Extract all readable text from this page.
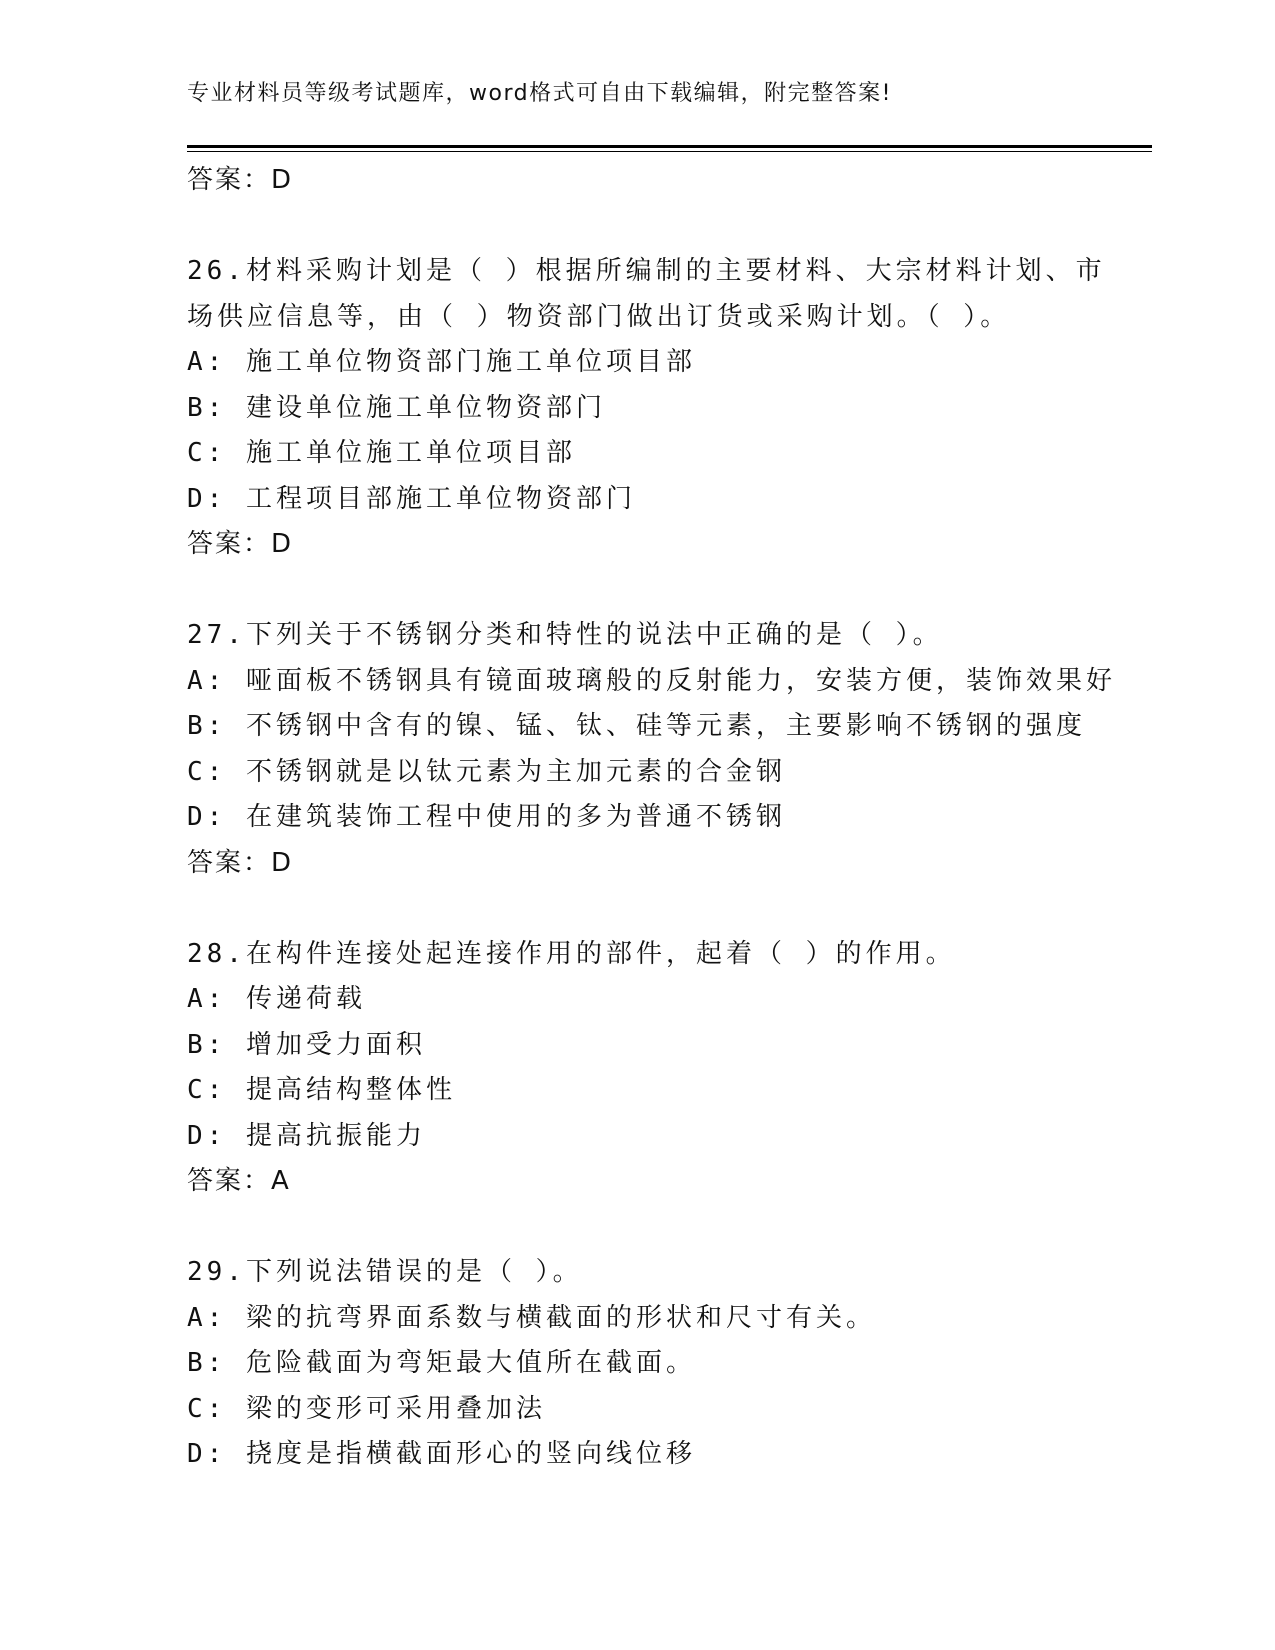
专业材料员等级考试题库，word格式可自由下载编辑，附完整答案!
答案：D
26.材料采购计划是（ ）根据所编制的主要材料、大宗材料计划、市
场供应信息等，由（ ）物资部门做出订货或采购计划。（ ）。
A: 施工单位物资部门施工单位项目部
B: 建设单位施工单位物资部门
C: 施工单位施工单位项目部
D: 工程项目部施工单位物资部门
答案：D
27.下列关于不锈钢分类和特性的说法中正确的是（ ）。
A: 哑面板不锈钢具有镜面玻璃般的反射能力，安装方便，装饰效果好
B: 不锈钢中含有的镍、锰、钛、硅等元素，主要影响不锈钢的强度
C: 不锈钢就是以钛元素为主加元素的合金钢
D: 在建筑装饰工程中使用的多为普通不锈钢
答案：D
28.在构件连接处起连接作用的部件，起着（ ）的作用。
A: 传递荷载
B: 增加受力面积
C: 提高结构整体性
D: 提高抗振能力
答案：A
29.下列说法错误的是（ ）。
A: 梁的抗弯界面系数与横截面的形状和尺寸有关。
B: 危险截面为弯矩最大值所在截面。
C: 梁的变形可采用叠加法
D: 挠度是指横截面形心的竖向线位移
